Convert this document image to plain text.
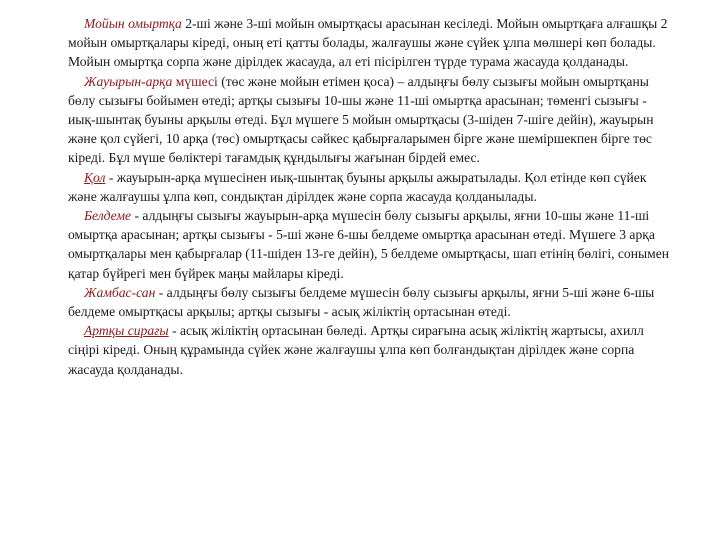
Мойын омыртқа 2-ші және 3-ші мойын омыртқасы арасынан кесіледі. Мойын омыртқаға алғашқы 2 мойын омыртқалары кіреді, оның еті қатты болады, жалғаушы және сүйек ұлпа мөлшері көп болады. Мойын омыртқа сорпа және дірілдек жасауда, ал еті пісірілген түрде турама жасауда қолданады.

Жауырын-арқа мүшесі (төс және мойын етімен қоса) – алдыңғы бөлу сызығы мойын омыртқаны бөлу сызығы бойымен өтеді; артқы сызығы 10-шы және 11-ші омыртқа арасынан; төменгі сызығы - иық-шынтақ буыны арқылы өтеді. Бұл мүшеге 5 мойын омыртқасы (3-шіден 7-шіге дейін), жауырын және қол сүйегі, 10 арқа (төс) омыртқасы сәйкес қабырғаларымен бірге және шеміршекпен бірге төс кіреді. Бұл мүше бөліктері тағамдық құндылығы жағынан бірдей емес.

Қол - жауырын-арқа мүшесінен иық-шынтақ буыны арқылы ажыратылады. Қол етінде көп сүйек және жалғаушы ұлпа көп, сондықтан дірілдек және сорпа жасауда қолданылады.

Белдеме - алдыңғы сызығы жауырын-арқа мүшесін бөлу сызығы арқылы, яғни 10-шы және 11-ші омыртқа арасынан; артқы сызығы - 5-ші және 6-шы белдеме омыртқа арасынан өтеді. Мүшеге 3 арқа омыртқалары мен қабырғалар (11-шіден 13-ге дейін), 5 белдеме омыртқасы, шап етінің бөлігі, сонымен қатар бүйрегі мен бүйрек маңы майлары кіреді.

Жамбас-сан - алдыңғы бөлу сызығы белдеме мүшесін бөлу сызығы арқылы, яғни 5-ші және 6-шы белдеме омыртқасы арқылы; артқы сызығы - асық жіліктің ортасынан өтеді.

Артқы сирағы - асық жіліктің ортасынан бөледі. Артқы сирағына асық жіліктің жартысы, ахилл сіңірі кіреді. Оның құрамында сүйек және жалғаушы ұлпа көп болғандықтан дірілдек және сорпа жасауда қолданады.
